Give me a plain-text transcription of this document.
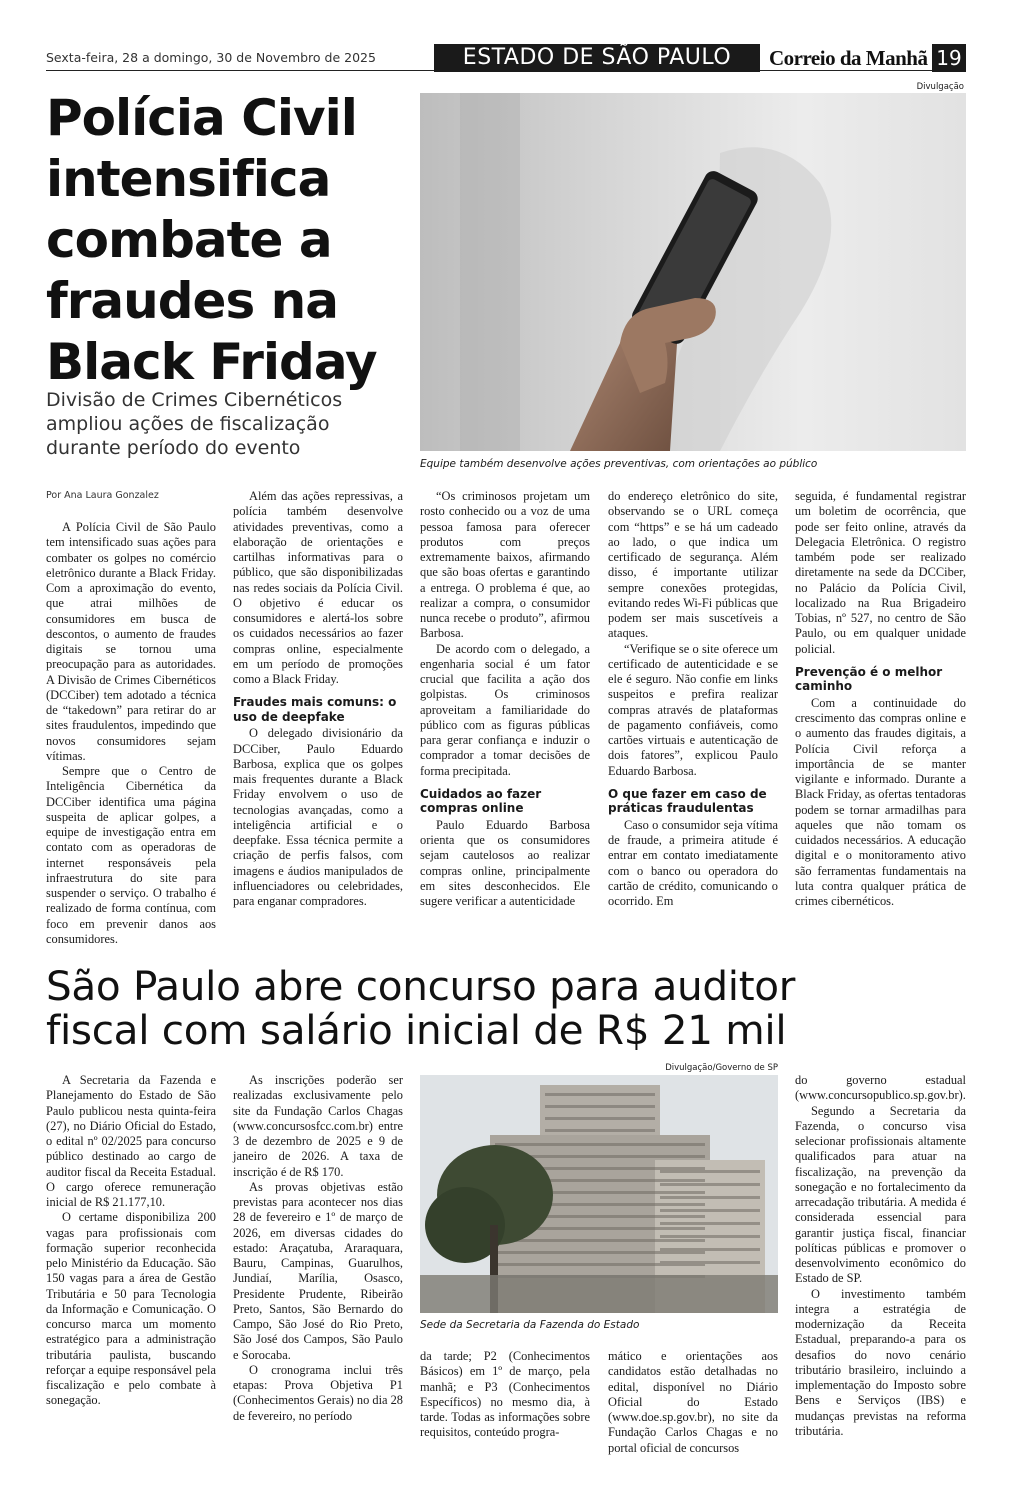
Sexta-feira, 28 a domingo, 30 de Novembro de 2025	ESTADO DE SÃO PAULO	Correio da Manhã 19
Polícia Civil
intensifica
combate a
fraudes na
Black Friday
Divisão de Crimes Cibernéticos
ampliou ações de fiscalização
durante período do evento
Divulgação
Equipe também desenvolve ações preventivas, com orientações ao público
Por Ana Laura Gonzalez

A Polícia Civil de São Paulo tem intensificado suas ações para combater os golpes no comércio eletrônico durante a Black Friday. Com a aproximação do evento, que atrai milhões de consumidores em busca de descontos, o aumento de fraudes digitais se tornou uma preocupação para as autoridades. A Divisão de Crimes Cibernéticos (DCCiber) tem adotado a técnica de “takedown” para retirar do ar sites fraudulentos, impedindo que novos consumidores sejam vítimas.

Sempre que o Centro de Inteligência Cibernética da DCCiber identifica uma página suspeita de aplicar golpes, a equipe de investigação entra em contato com as operadoras de internet responsáveis pela infraestrutura do site para suspender o serviço. O trabalho é realizado de forma contínua, com foco em prevenir danos aos consumidores.

Além das ações repressivas, a polícia também desenvolve atividades preventivas, como a elaboração de orientações e cartilhas informativas para o público, que são disponibilizadas nas redes sociais da Polícia Civil. O objetivo é educar os consumidores e alertá-los sobre os cuidados necessários ao fazer compras online, especialmente em um período de promoções como a Black Friday.

Fraudes mais comuns: o uso de deepfake

O delegado divisionário da DCCiber, Paulo Eduardo Barbosa, explica que os golpes mais frequentes durante a Black Friday envolvem o uso de tecnologias avançadas, como a inteligência artificial e o deepfake. Essa técnica permite a criação de perfis falsos, com imagens e áudios manipulados de influenciadores ou celebridades, para enganar compradores.

“Os criminosos projetam um rosto conhecido ou a voz de uma pessoa famosa para oferecer produtos com preços extremamente baixos, afirmando que são boas ofertas e garantindo a entrega. O problema é que, ao realizar a compra, o consumidor nunca recebe o produto”, afirmou Barbosa.

De acordo com o delegado, a engenharia social é um fator crucial que facilita a ação dos golpistas. Os criminosos aproveitam a familiaridade do público com as figuras públicas para gerar confiança e induzir o comprador a tomar decisões de forma precipitada.

Cuidados ao fazer compras online

Paulo Eduardo Barbosa orienta que os consumidores sejam cautelosos ao realizar compras online, principalmente em sites desconhecidos. Ele sugere verificar a autenticidade

do endereço eletrônico do site, observando se o URL começa com “https” e se há um cadeado ao lado, o que indica um certificado de segurança. Além disso, é importante utilizar sempre conexões protegidas, evitando redes Wi-Fi públicas que podem ser mais suscetíveis a ataques.

“Verifique se o site oferece um certificado de autenticidade e se ele é seguro. Não confie em links suspeitos e prefira realizar compras através de plataformas de pagamento confiáveis, como cartões virtuais e autenticação de dois fatores”, explicou Paulo Eduardo Barbosa.

O que fazer em caso de práticas fraudulentas

Caso o consumidor seja vítima de fraude, a primeira atitude é entrar em contato imediatamente com o banco ou operadora do cartão de crédito, comunicando o ocorrido. Em

seguida, é fundamental registrar um boletim de ocorrência, que pode ser feito online, através da Delegacia Eletrônica. O registro também pode ser realizado diretamente na sede da DCCiber, no Palácio da Polícia Civil, localizado na Rua Brigadeiro Tobias, nº 527, no centro de São Paulo, ou em qualquer unidade policial.

Prevenção é o melhor caminho

Com a continuidade do crescimento das compras online e o aumento das fraudes digitais, a Polícia Civil reforça a importância de se manter vigilante e informado. Durante a Black Friday, as ofertas tentadoras podem se tornar armadilhas para aqueles que não tomam os cuidados necessários. A educação digital e o monitoramento ativo são ferramentas fundamentais na luta contra qualquer prática de crimes cibernéticos.

São Paulo abre concurso para auditor
fiscal com salário inicial de R$ 21 mil
Divulgação/Governo de SP
Sede da Secretaria da Fazenda do Estado

A Secretaria da Fazenda e Planejamento do Estado de São Paulo publicou nesta quinta-feira (27), no Diário Oficial do Estado, o edital nº 02/2025 para concurso público destinado ao cargo de auditor fiscal da Receita Estadual. O cargo oferece remuneração inicial de R$ 21.177,10.

O certame disponibiliza 200 vagas para profissionais com formação superior reconhecida pelo Ministério da Educação. São 150 vagas para a área de Gestão Tributária e 50 para Tecnologia da Informação e Comunicação. O concurso marca um momento estratégico para a administração tributária paulista, buscando reforçar a equipe responsável pela fiscalização e pelo combate à sonegação.

As inscrições poderão ser realizadas exclusivamente pelo site da Fundação Carlos Chagas (www.concursosfcc.com.br) entre 3 de dezembro de 2025 e 9 de janeiro de 2026. A taxa de inscrição é de R$ 170.

As provas objetivas estão previstas para acontecer nos dias 28 de fevereiro e 1º de março de 2026, em diversas cidades do estado: Araçatuba, Araraquara, Bauru, Campinas, Guarulhos, Jundiaí, Marília, Osasco, Presidente Prudente, Ribeirão Preto, Santos, São Bernardo do Campo, São José do Rio Preto, São José dos Campos, São Paulo e Sorocaba.

O cronograma inclui três etapas: Prova Objetiva P1 (Conhecimentos Gerais) no dia 28 de fevereiro, no período

da tarde; P2 (Conhecimentos Básicos) em 1º de março, pela manhã; e P3 (Conhecimentos Específicos) no mesmo dia, à tarde. Todas as informações sobre requisitos, conteúdo progra-

mático e orientações aos candidatos estão detalhadas no edital, disponível no Diário Oficial do Estado (www.doe.sp.gov.br), no site da Fundação Carlos Chagas e no portal oficial de concursos

do governo estadual (www.concursopublico.sp.gov.br).

Segundo a Secretaria da Fazenda, o concurso visa selecionar profissionais altamente qualificados para atuar na fiscalização, na prevenção da sonegação e no fortalecimento da arrecadação tributária. A medida é considerada essencial para garantir justiça fiscal, financiar políticas públicas e promover o desenvolvimento econômico do Estado de SP.

O investimento também integra a estratégia de modernização da Receita Estadual, preparando-a para os desafios do novo cenário tributário brasileiro, incluindo a implementação do Imposto sobre Bens e Serviços (IBS) e mudanças previstas na reforma tributária.
